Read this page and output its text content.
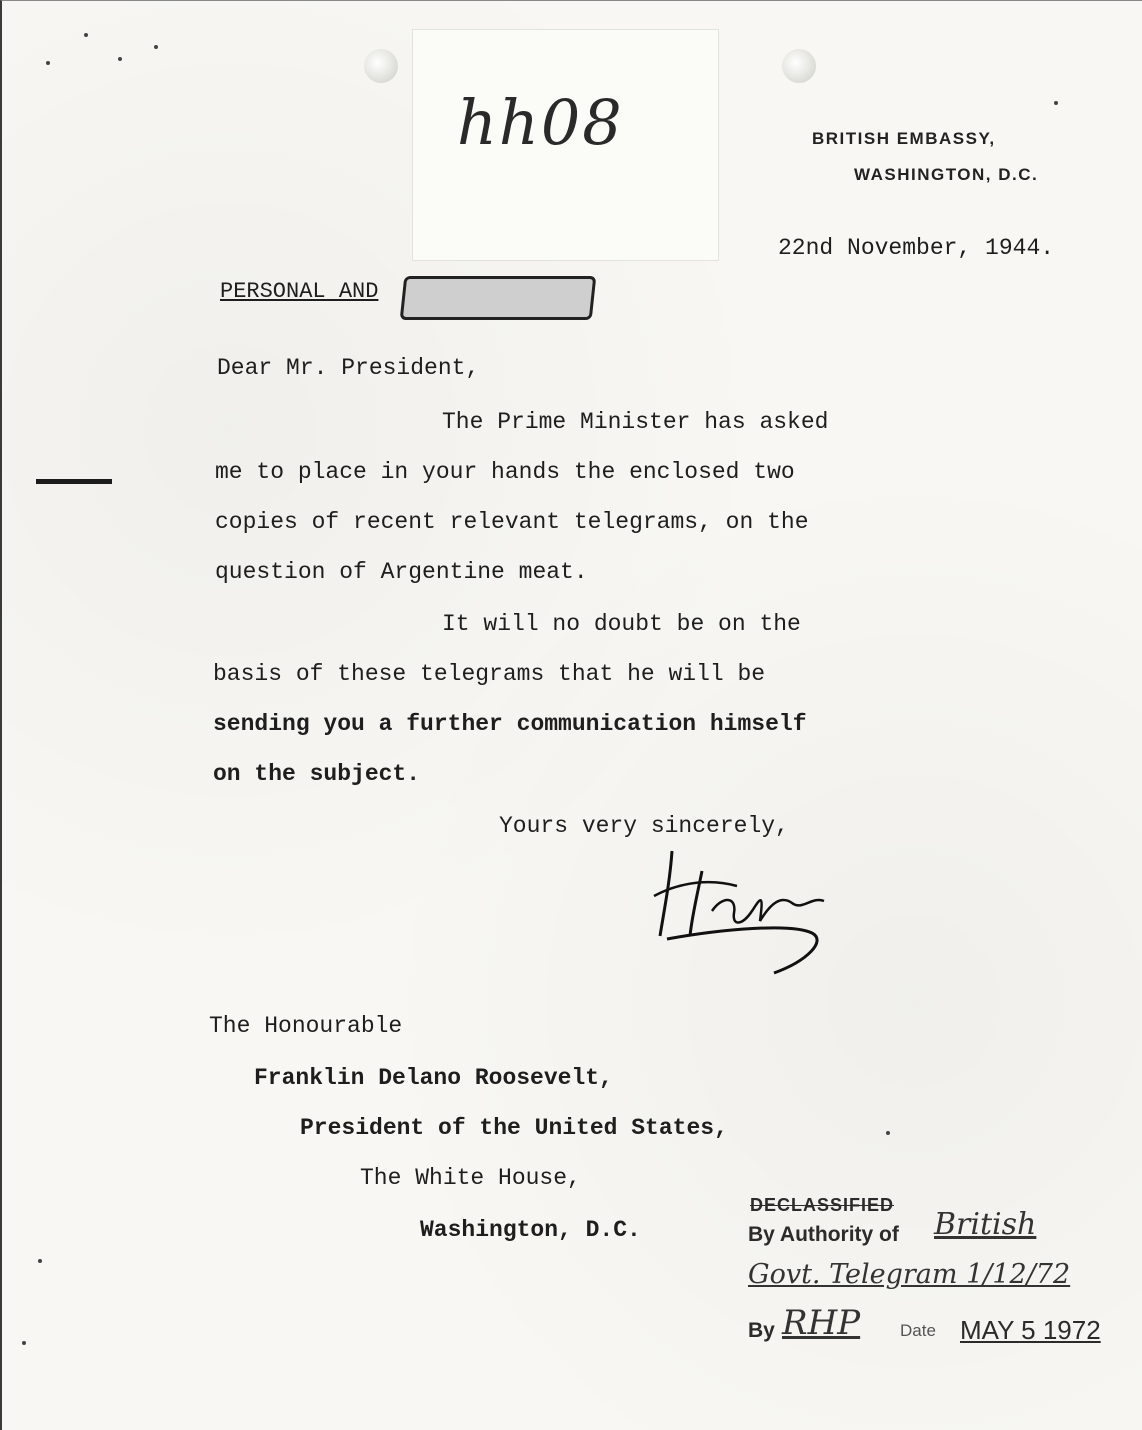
hh08	BRITISH EMBASSY,
WASHINGTON, D.C.
22nd November, 1944.
PERSONAL AND
Dear Mr. President,
The Prime Minister has asked
me to place in your hands the enclosed two
copies of recent relevant telegrams, on the
question of Argentine meat.
It will no doubt be on the
basis of these telegrams that he will be
sending you a further communication himself
on the subject.
Yours very sincerely,
The Honourable
Franklin Delano Roosevelt,
President of the United States,
The White House,
Washington, D.C.
DECLASSIFIED
By Authority of British
Govt. Telegram 1/12/72
By RHP Date MAY 5 1972
